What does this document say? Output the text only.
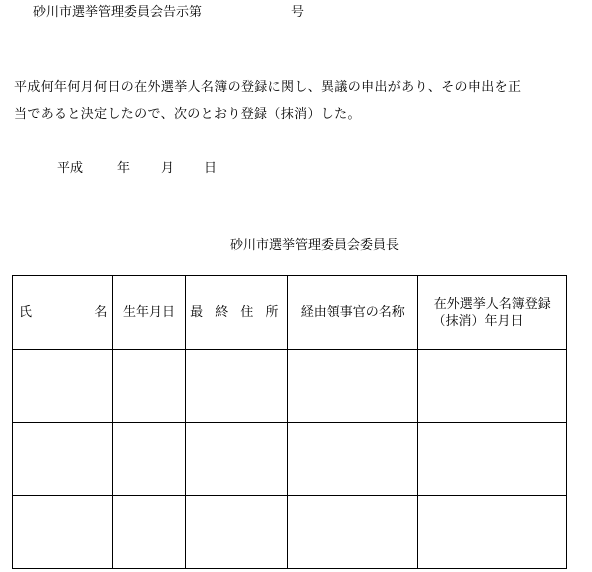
砂川市選挙管理委員会告示第	号
平成何年何月何日の在外選挙人名簿の登録に関し、異議の申出があり、その申出を正
当であると決定したので、次のとおり登録（抹消）した。
平成	年 月 日
砂川市選挙管理委員会委員長
氏 名	生年月日	最 終 住 所	経由領事官の名称	在外選挙人名簿登録
（抹消）年月日
